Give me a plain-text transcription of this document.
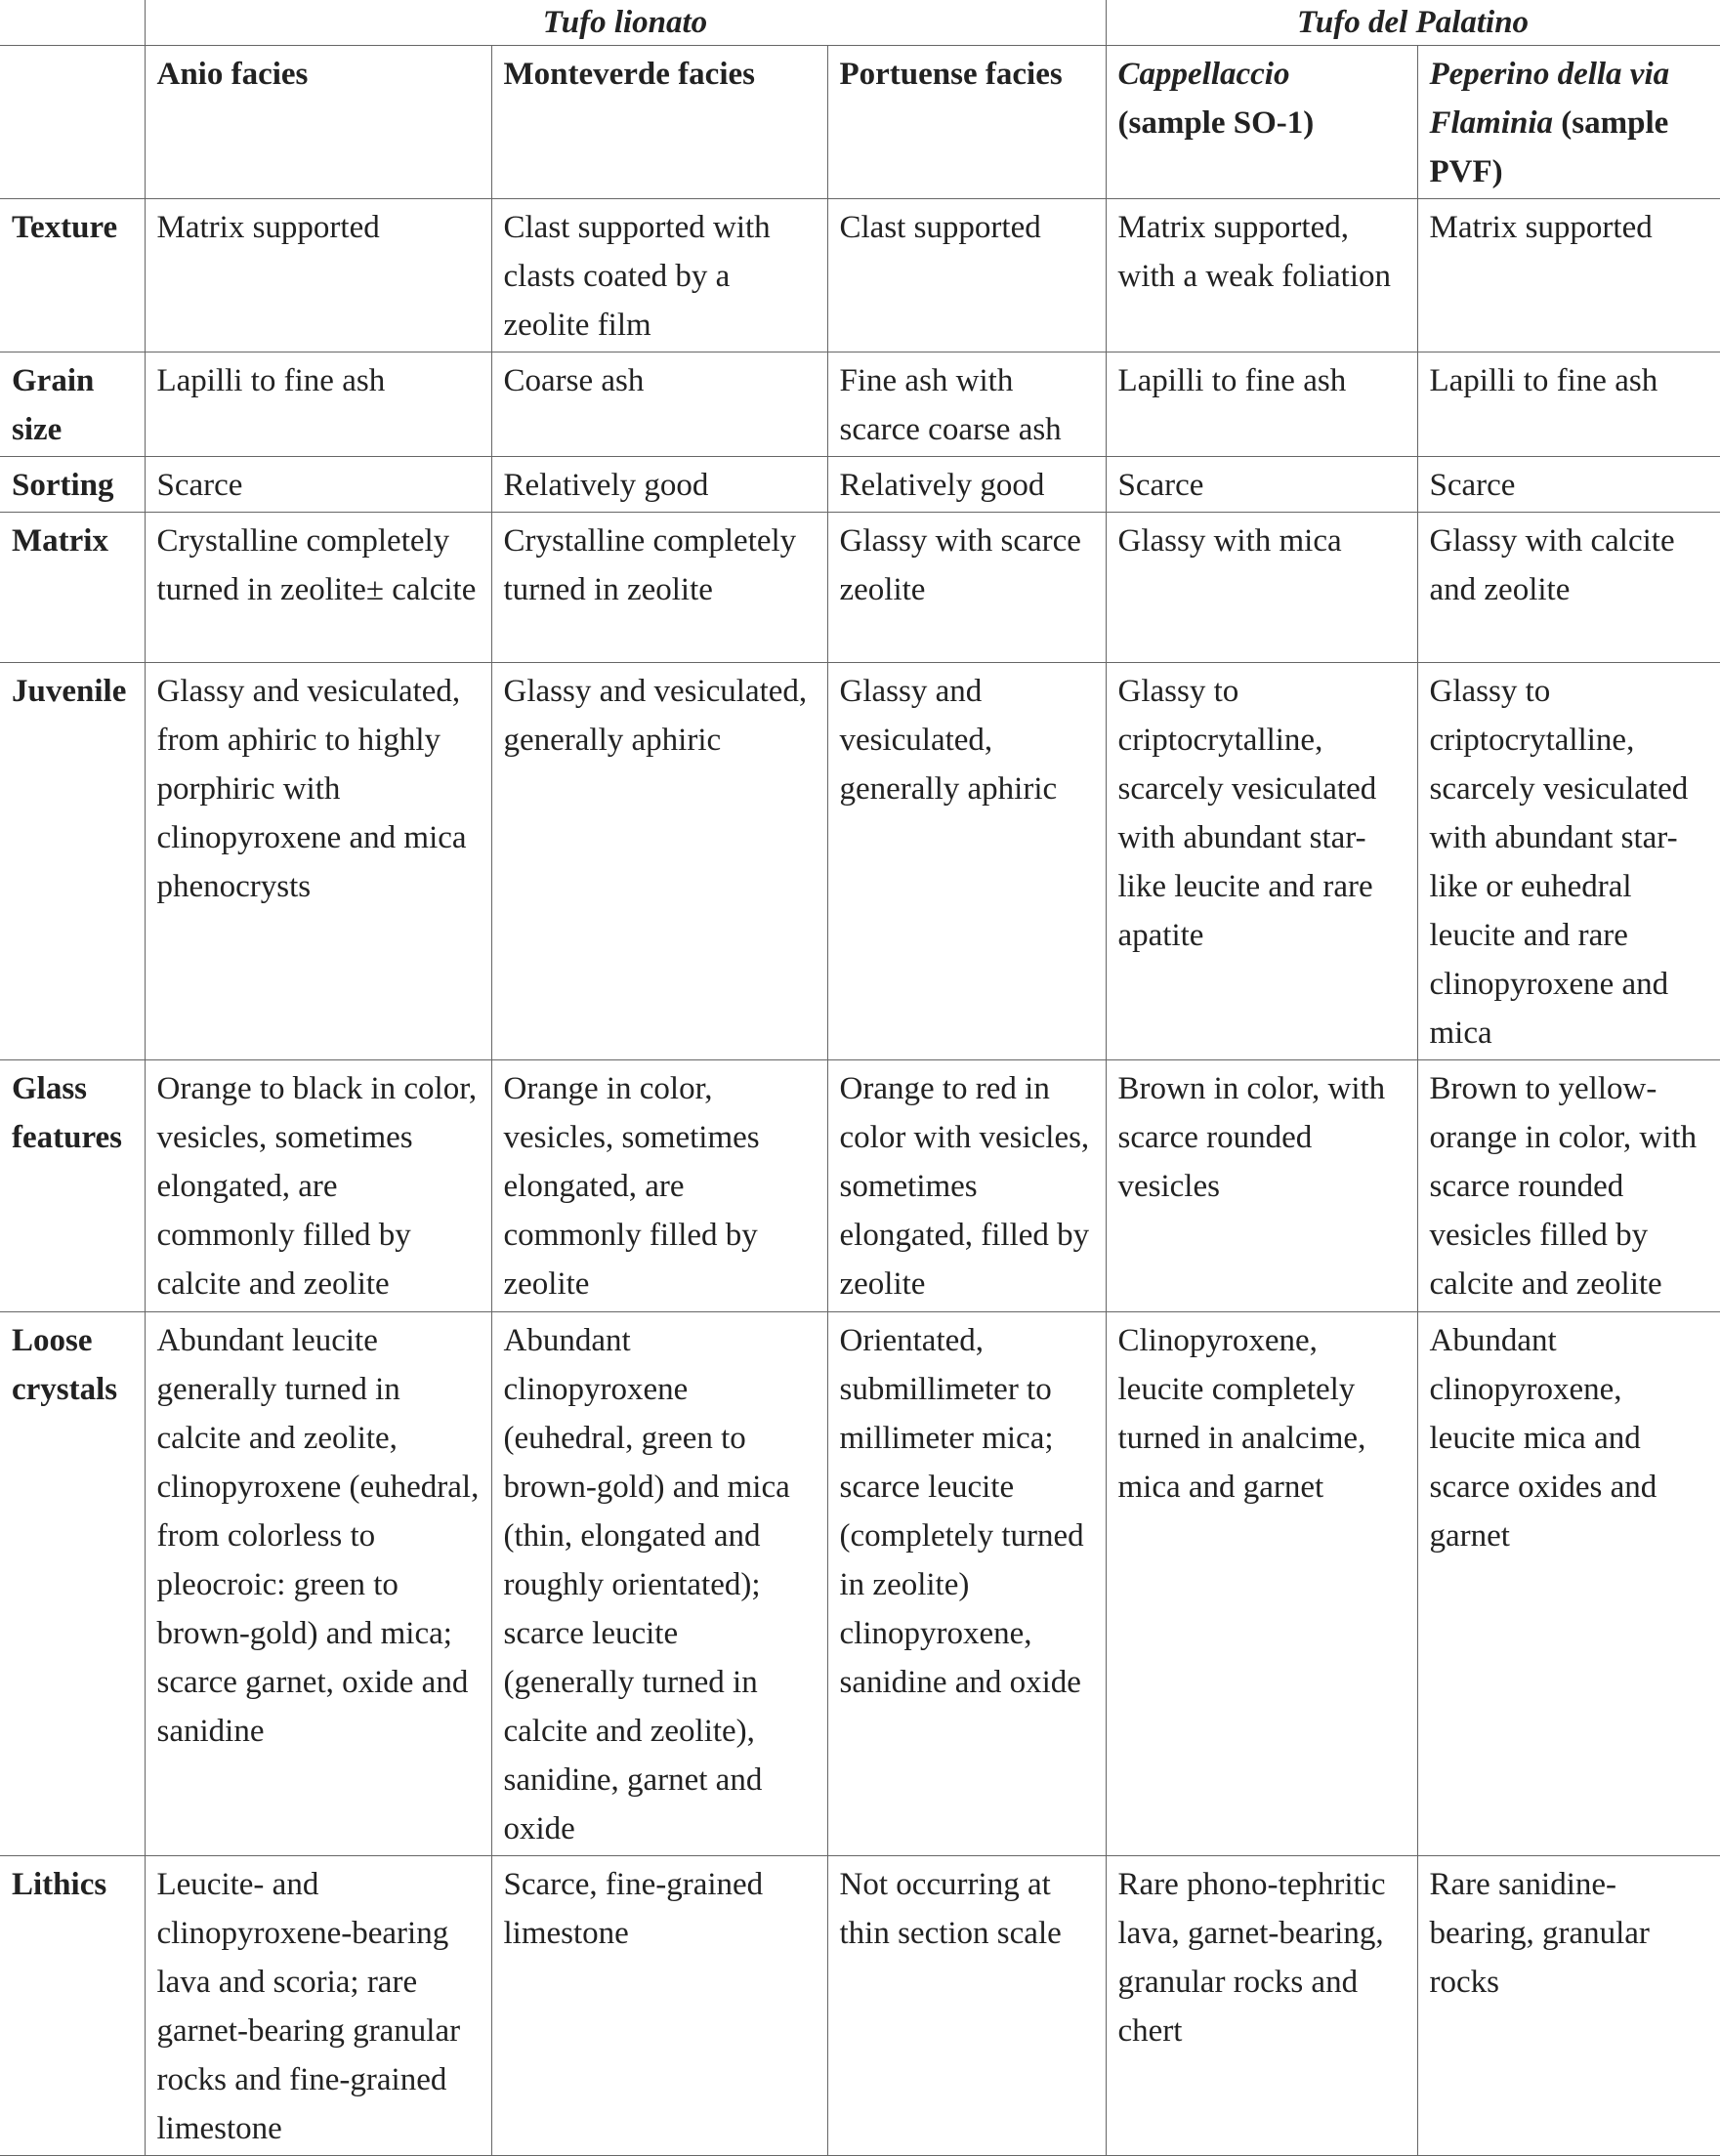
	Tufo lionato			Tufo del Palatino	
	Anio facies	Monteverde facies	Portuense facies	Cappellaccio (sample SO-1)	Peperino della via Flaminia (sample PVF)
Texture	Matrix supported	Clast supported with clasts coated by a zeolite film	Clast supported	Matrix supported, with a weak foliation	Matrix supported
Grain size	Lapilli to fine ash	Coarse ash	Fine ash with scarce coarse ash	Lapilli to fine ash	Lapilli to fine ash
Sorting	Scarce	Relatively good	Relatively good	Scarce	Scarce
Matrix	Crystalline completely turned in zeolite± calcite	Crystalline completely turned in zeolite	Glassy with scarce zeolite	Glassy with mica	Glassy with calcite and zeolite
Juvenile	Glassy and vesiculated, from aphiric to highly porphiric with clinopyroxene and mica phenocrysts	Glassy and vesiculated, generally aphiric	Glassy and vesiculated, generally aphiric	Glassy to criptocrytalline, scarcely vesiculated with abundant star-like leucite and rare apatite	Glassy to criptocrytalline, scarcely vesiculated with abundant star-like or euhedral leucite and rare clinopyroxene and mica
Glass features	Orange to black in color, vesicles, sometimes elongated, are commonly filled by calcite and zeolite	Orange in color, vesicles, sometimes elongated, are commonly filled by zeolite	Orange to red in color with vesicles, sometimes elongated, filled by zeolite	Brown in color, with scarce rounded vesicles	Brown to yellow-orange in color, with scarce rounded vesicles filled by calcite and zeolite
Loose crystals	Abundant leucite generally turned in calcite and zeolite, clinopyroxene (euhedral, from colorless to pleocroic: green to brown-gold) and mica; scarce garnet, oxide and sanidine	Abundant clinopyroxene (euhedral, green to brown-gold) and mica (thin, elongated and roughly orientated); scarce leucite (generally turned in calcite and zeolite), sanidine, garnet and oxide	Orientated, submillimeter to millimeter mica; scarce leucite (completely turned in zeolite) clinopyroxene, sanidine and oxide	Clinopyroxene, leucite completely turned in analcime, mica and garnet	Abundant clinopyroxene, leucite mica and scarce oxides and garnet
Lithics	Leucite- and clinopyroxene-bearing lava and scoria; rare garnet-bearing granular rocks and fine-grained limestone	Scarce, fine-grained limestone	Not occurring at thin section scale	Rare phono-tephritic lava, garnet-bearing, granular rocks and chert	Rare sanidine-bearing, granular rocks
